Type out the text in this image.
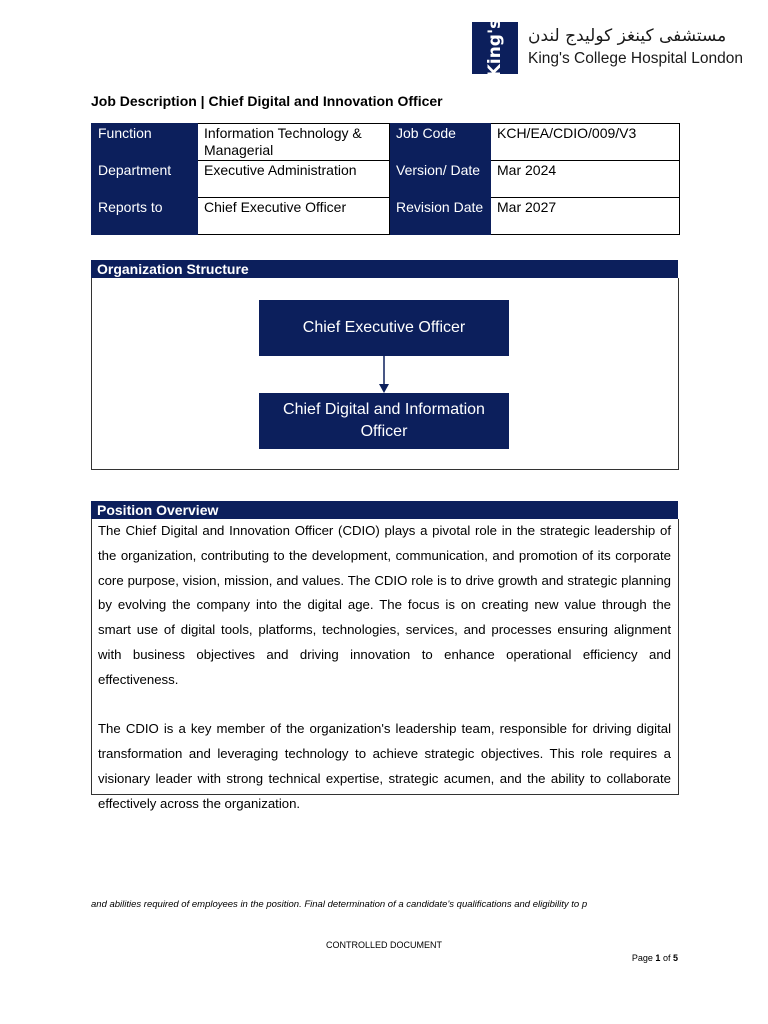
King's مستشفى كينغز كوليدج لندن
King's College Hospital London
Job Description | Chief Digital and Innovation Officer
Function	Information Technology & Managerial	Job Code	KCH/EA/CDIO/009/V3
Department	Executive Administration	Version/ Date	Mar 2024
Reports to	Chief Executive Officer	Revision Date	Mar 2027
Organization Structure
Chief Executive Officer
Chief Digital and Information Officer
Position Overview

The Chief Digital and Innovation Officer (CDIO) plays a pivotal role in the strategic leadership of the organization, contributing to the development, communication, and promotion of its corporate core purpose, vision, mission, and values. The CDIO role is to drive growth and strategic planning by evolving the company into the digital age. The focus is on creating new value through the smart use of digital tools, platforms, technologies, services, and processes ensuring alignment with business objectives and driving innovation to enhance operational efficiency and effectiveness.

The CDIO is a key member of the organization's leadership team, responsible for driving digital transformation and leveraging technology to achieve strategic objectives. This role requires a visionary leader with strong technical expertise, strategic acumen, and the ability to collaborate effectively across the organization.

and abilities required of employees in the position. Final determination of a candidate's qualifications and eligibility to p
CONTROLLED DOCUMENT
Page 1 of 5
